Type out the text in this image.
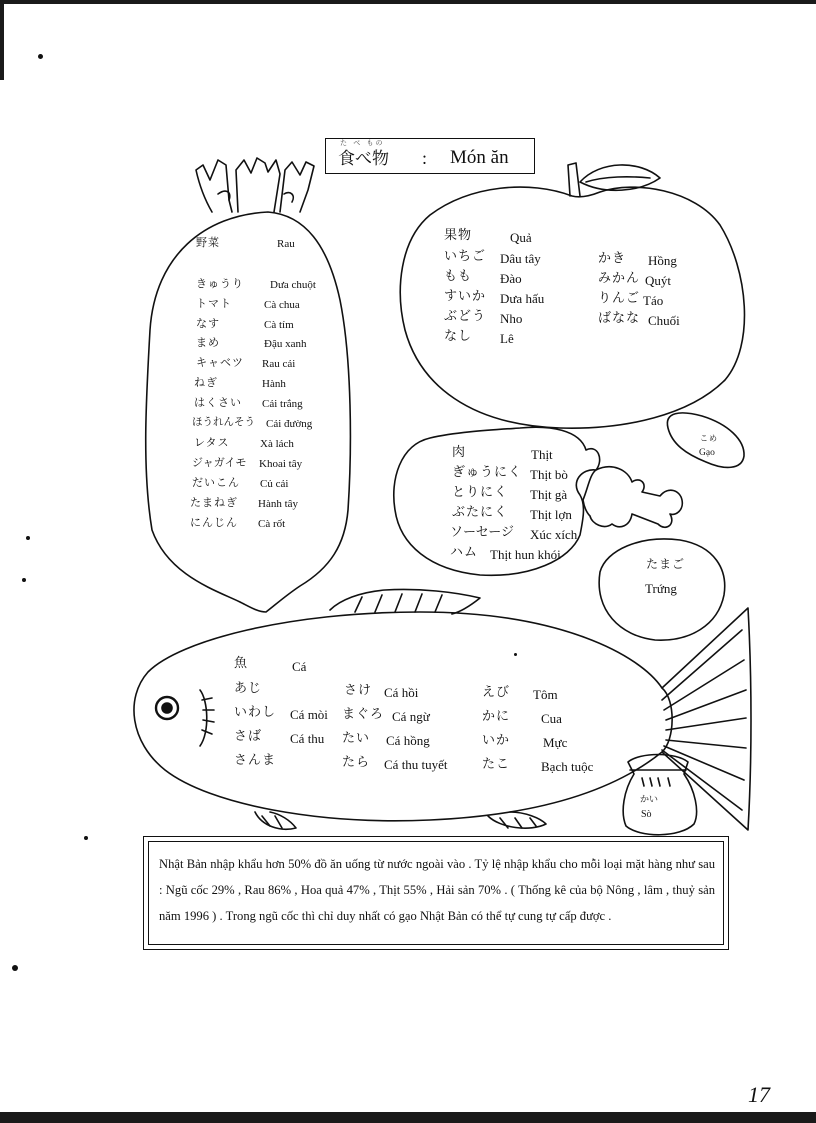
た べ もの
食べ物 : Món ăn
野菜	Rau
きゅうり Dưa chuột
トマト	Cà chua
なす	Cà tím
まめ	Đậu xanh
キャベツ Rau cải
ねぎ	Hành
はくさい Cải trắng
ほうれんそう Cải đường
レタス	Xà lách
ジャガイモ Khoai tây
だいこん Củ cải
たまねぎ Hành tây
にんじん Cà rốt
果物	Quả
いちご Dâu tây
もも Đào
すいか Dưa hấu
ぶどう Nho
なし Lê
かき Hồng
みかん Quýt
りんご Táo
ばなな Chuối
肉	Thịt
ぎゅうにく Thịt bò
とりにく Thịt gà
ぶたにく Thịt lợn
ソーセージ Xúc xích
ハム Thịt hun khói
こめ
Gạo
たまご
Trứng
かい
Sò
魚	Cá
あじ
いわし Cá mòi
さば Cá thu
さんま
さけ Cá hồi
まぐろ Cá ngừ
たい Cá hồng
たら Cá thu tuyết
えび Tôm
かに Cua
いか	Mực
たこ Bạch tuộc
Nhật Bản nhập khẩu hơn 50% đồ ăn uống từ nước ngoài vào . Tỷ lệ nhập khẩu cho mỗi loại mặt hàng như sau : Ngũ cốc 29% , Rau 86% , Hoa quả 47% , Thịt 55% , Hải sản 70% . ( Thống kê của bộ Nông , lâm , thuỷ sản năm 1996 ) . Trong ngũ cốc thì chỉ duy nhất có gạo Nhật Bản có thể tự cung tự cấp được .
17
